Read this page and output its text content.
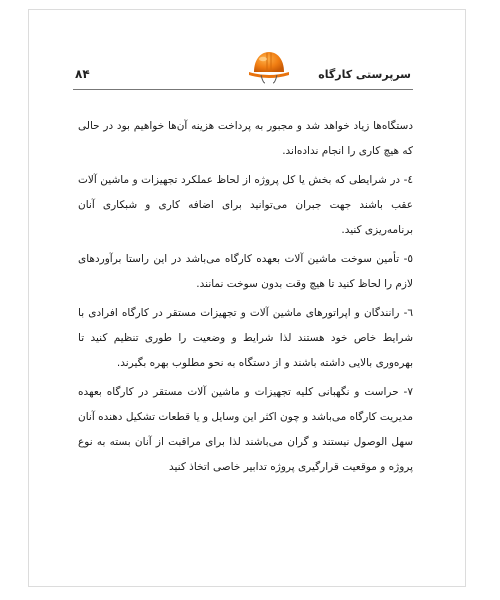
۸۴	سرپرستی کارگاه

دستگاه‌ها زیاد خواهد شد و مجبور به پرداخت هزینه آن‌ها خواهیم بود در حالی که هیچ کاری را انجام نداده‌اند.

٤- در شرایطی که بخش یا کل پروژه از لحاظ عملکرد تجهیزات و ماشین آلات عقب باشند جهت جبران می‌توانید برای اضافه کاری و شبکاری آنان برنامه‌ریزی کنید.

٥- تأمین سوخت ماشین آلات بعهده کارگاه می‌باشد در این راستا برآوردهای لازم را لحاظ کنید تا هیچ وقت بدون سوخت نمانند.

٦- رانندگان و اپراتورهای ماشین آلات و تجهیزات مستقر در کارگاه افرادی با شرایط خاص خود هستند لذا شرایط و وضعیت را طوری تنظیم کنید تا بهره‌وری بالایی داشته باشند و از دستگاه به نحو مطلوب بهره بگیرند.

٧- حراست و نگهبانی کلیه تجهیزات و ماشین آلات مستقر در کارگاه بعهده مدیریت کارگاه می‌باشد و چون اکثر این وسایل و یا قطعات تشکیل دهنده آنان سهل الوصول نیستند و گران می‌باشند لذا برای مراقبت از آنان بسته به نوع پروژه و موقعیت قرارگیری پروژه تدابیر خاصی اتخاذ کنید
